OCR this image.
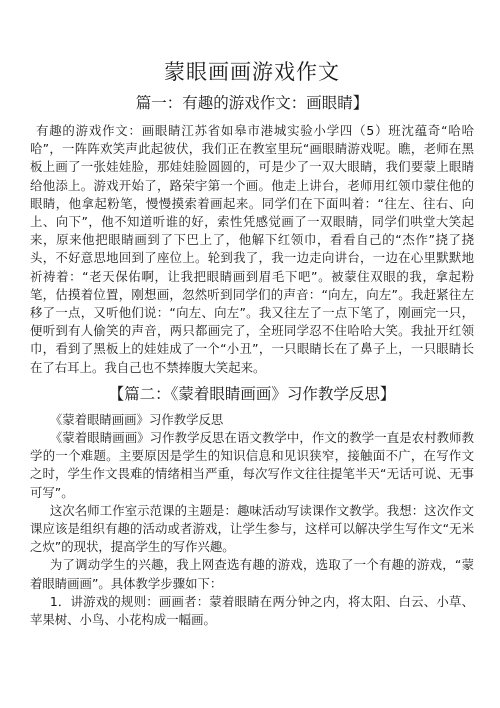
蒙眼画画游戏作文
篇一：有趣的游戏作文：画眼睛】

有趣的游戏作文：画眼睛江苏省如皋市港城实验小学四（5）班沈蕴奇“哈哈哈”，一阵阵欢笑声此起彼伏，我们正在教室里玩“画眼睛游戏呢。瞧，老师在黑板上画了一张娃娃脸，那娃娃脸圆圆的，可是少了一双大眼睛，我们要蒙上眼睛给他添上。游戏开始了，路荣宇第一个画。他走上讲台，老师用红领巾蒙住他的眼睛，他拿起粉笔，慢慢摸索着画起来。同学们在下面叫着：“往左、往右、向上、向下”，他不知道听谁的好，索性凭感觉画了一双眼睛，同学们哄堂大笑起来，原来他把眼睛画到了下巴上了，他解下红领巾，看看自己的“杰作”挠了挠头，不好意思地回到了座位上。轮到我了，我一边走向讲台，一边在心里默默地祈祷着：“老天保佑啊，让我把眼睛画到眉毛下吧”。被蒙住双眼的我，拿起粉笔，估摸着位置，刚想画，忽然听到同学们的声音：“向左，向左”。我赶紧往左移了一点，又听他们说：“向左、向左”。我又往左了一点下笔了，刚画完一只，便听到有人偷笑的声音，两只都画完了，全班同学忍不住哈哈大笑。我扯开红领巾，看到了黑板上的娃娃成了一个“小丑”，一只眼睛长在了鼻子上，一只眼睛长在了右耳上。我自己也不禁捧腹大笑起来。

【篇二：《蒙着眼睛画画》习作教学反思】

《蒙着眼睛画画》习作教学反思

《蒙着眼睛画画》习作教学反思在语文教学中，作文的教学一直是农村教师教学的一个难题。主要原因是学生的知识信息和见识狭窄，接触面不广，在写作文之时，学生作文畏难的情绪相当严重，每次写作文往往提笔半天“无话可说、无事可写”。

这次名师工作室示范课的主题是：趣味活动写读课作文教学。我想：这次作文课应该是组织有趣的活动或者游戏，让学生参与，这样可以解决学生写作文“无米之炊”的现状，提高学生的写作兴趣。

为了调动学生的兴趣，我上网查选有趣的游戏，选取了一个有趣的游戏，“蒙着眼睛画画”。具体教学步骤如下：

1．讲游戏的规则：画画者：蒙着眼睛在两分钟之内，将太阳、白云、小草、苹果树、小鸟、小花构成一幅画。
